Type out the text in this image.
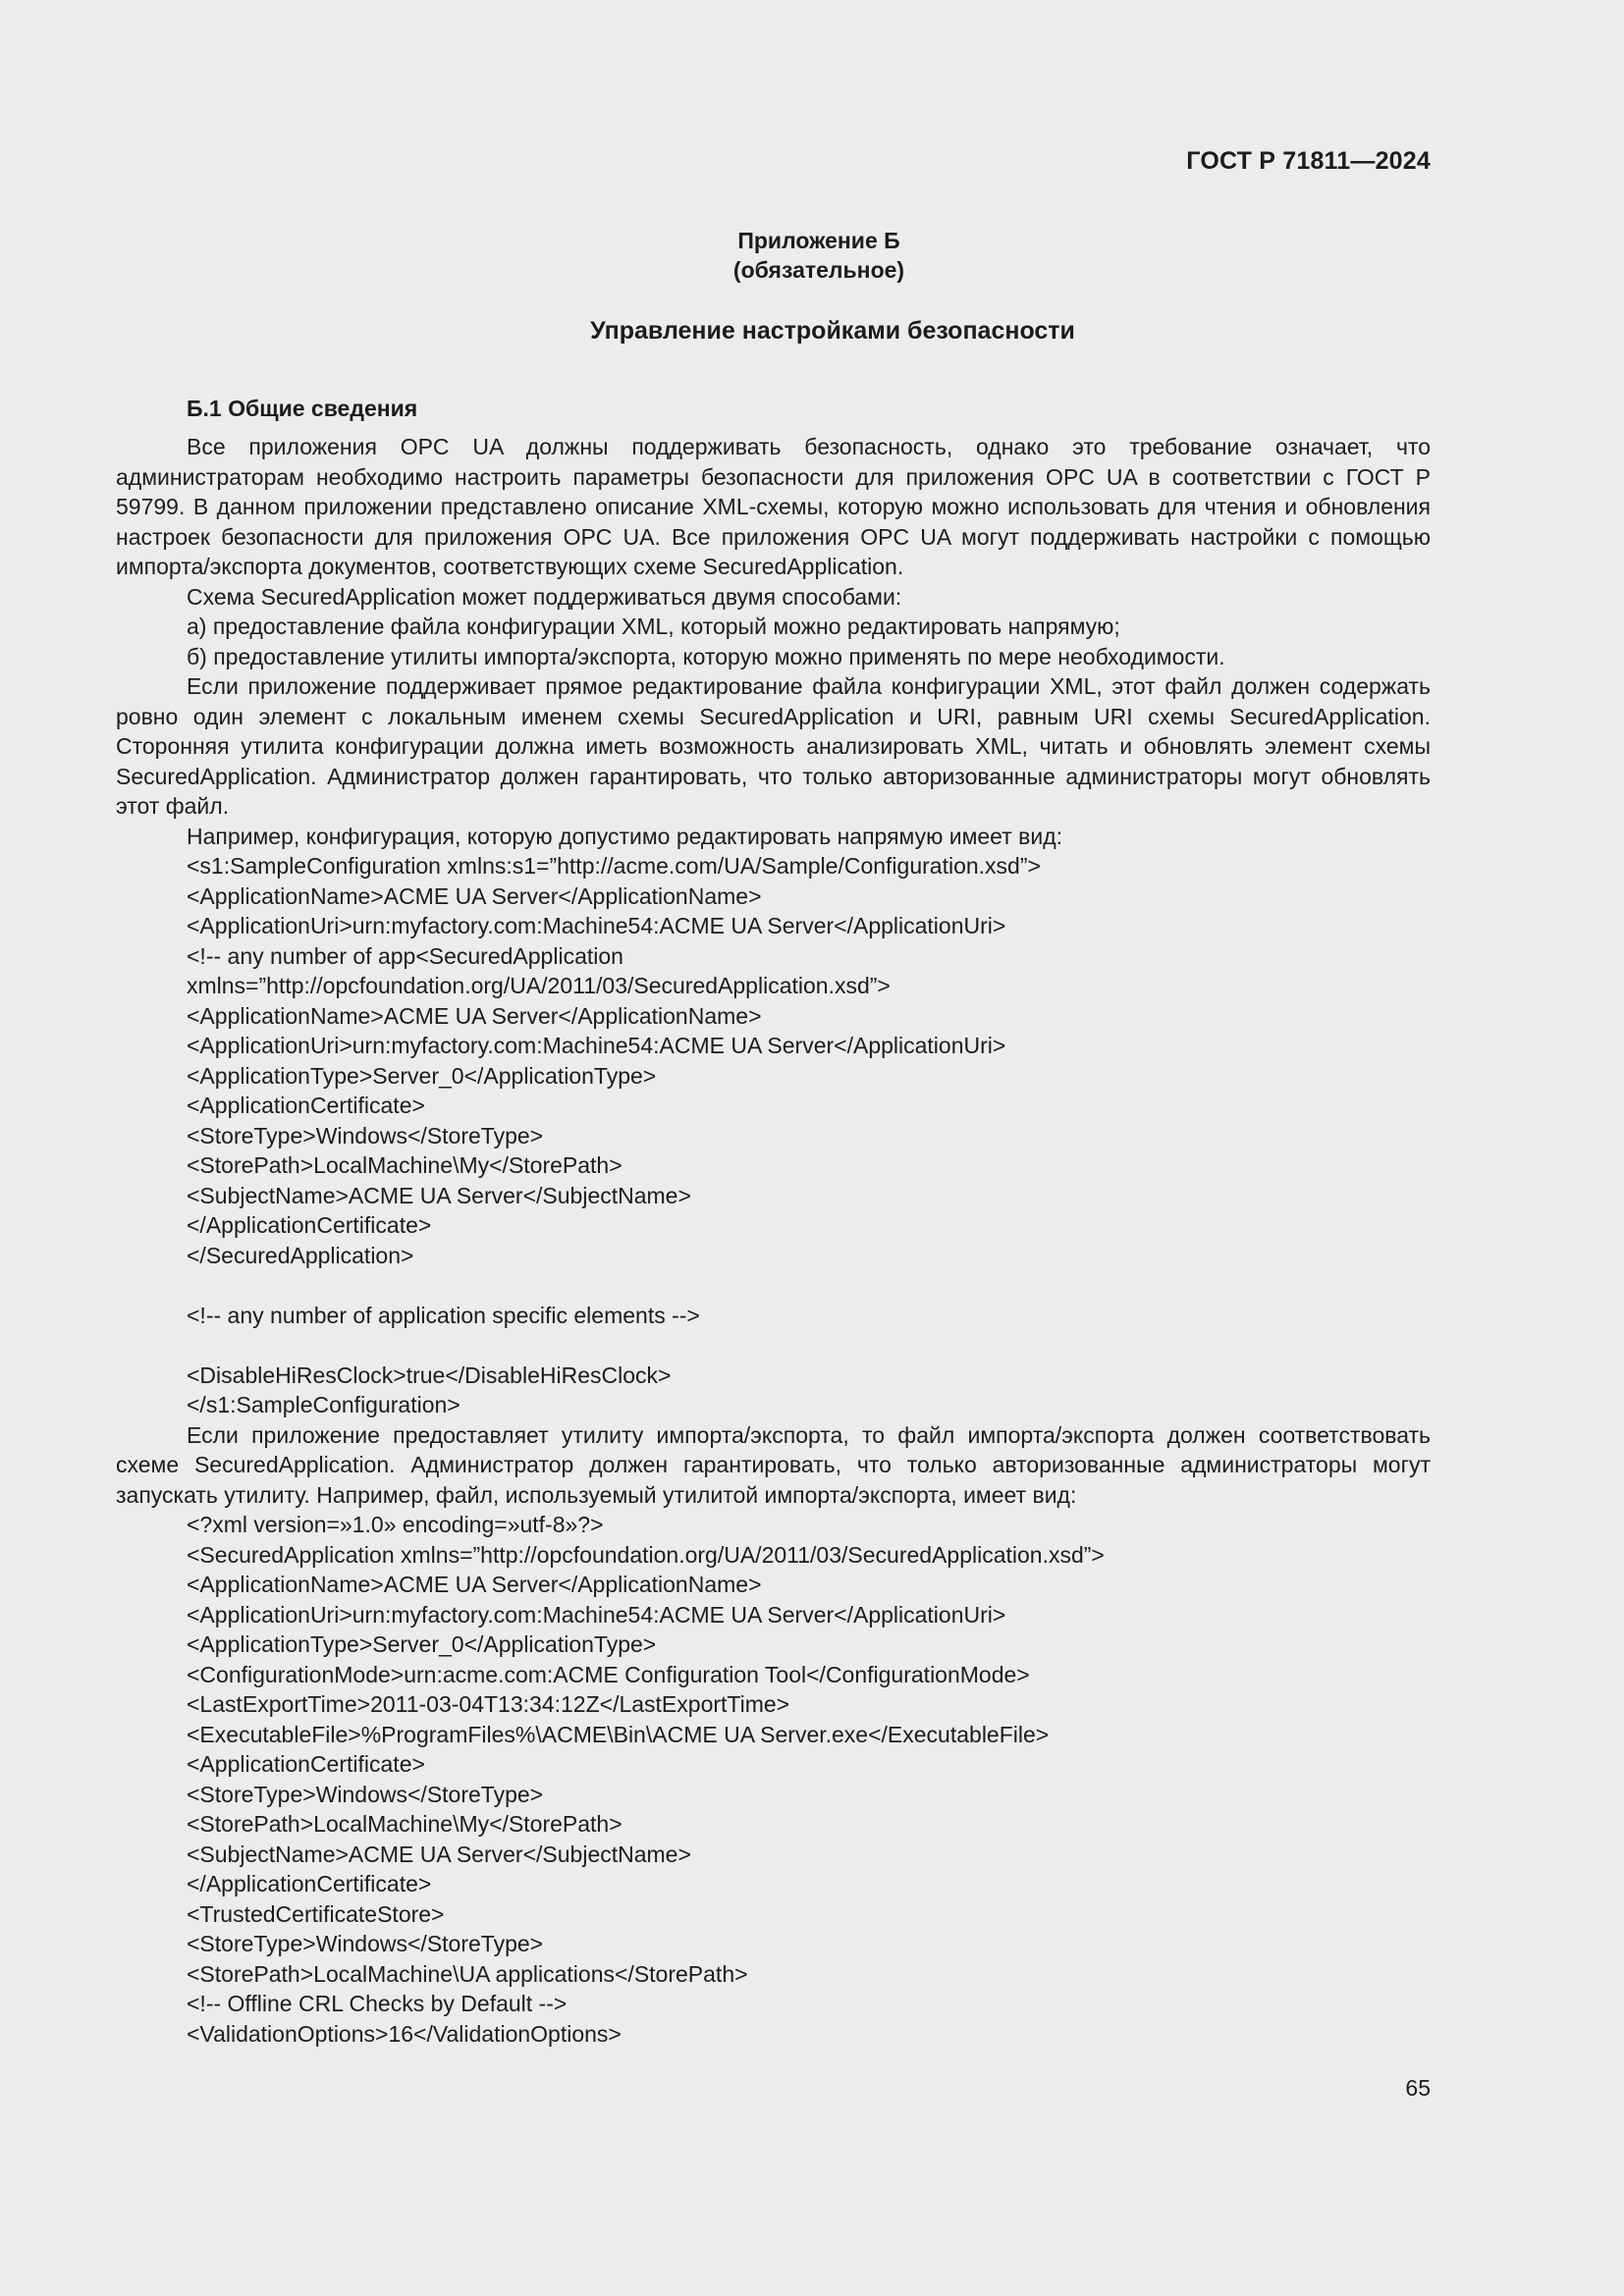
ГОСТ Р 71811—2024
Приложение Б
(обязательное)
Управление настройками безопасности
Б.1 Общие сведения

Все приложения OPC UA должны поддерживать безопасность, однако это требование означает, что администраторам необходимо настроить параметры безопасности для приложения OPC UA в соответствии с ГОСТ Р 59799. В данном приложении представлено описание XML-схемы, которую можно использовать для чтения и обновления настроек безопасности для приложения OPC UA. Все приложения OPC UA могут поддерживать настройки с помощью импорта/экспорта документов, соответствующих схеме SecuredApplication.

Схема SecuredApplication может поддерживаться двумя способами:
а) предоставление файла конфигурации XML, который можно редактировать напрямую;
б) предоставление утилиты импорта/экспорта, которую можно применять по мере необходимости.

Если приложение поддерживает прямое редактирование файла конфигурации XML, этот файл должен содержать ровно один элемент с локальным именем схемы SecuredApplication и URI, равным URI схемы SecuredApplication. Сторонняя утилита конфигурации должна иметь возможность анализировать XML, читать и обновлять элемент схемы SecuredApplication. Администратор должен гарантировать, что только авторизованные администраторы могут обновлять этот файл.

Например, конфигурация, которую допустимо редактировать напрямую имеет вид:
<s1:SampleConfiguration xmlns:s1=”http://acme.com/UA/Sample/Configuration.xsd”>
<ApplicationName>ACME UA Server</ApplicationName>
<ApplicationUri>urn:myfactory.com:Machine54:ACME UA Server</ApplicationUri>
<!-- any number of app<SecuredApplication
xmlns=”http://opcfoundation.org/UA/2011/03/SecuredApplication.xsd”>
<ApplicationName>ACME UA Server</ApplicationName>
<ApplicationUri>urn:myfactory.com:Machine54:ACME UA Server</ApplicationUri>
<ApplicationType>Server_0</ApplicationType>
<ApplicationCertificate>
<StoreType>Windows</StoreType>
<StorePath>LocalMachine\My</StorePath>
<SubjectName>ACME UA Server</SubjectName>
</ApplicationCertificate>
</SecuredApplication>
<!-- any number of application specific elements -->
<DisableHiResClock>true</DisableHiResClock>
</s1:SampleConfiguration>

Если приложение предоставляет утилиту импорта/экспорта, то файл импорта/экспорта должен соответствовать схеме SecuredApplication. Администратор должен гарантировать, что только авторизованные администраторы могут запускать утилиту. Например, файл, используемый утилитой импорта/экспорта, имеет вид:

<?xml version=»1.0» encoding=»utf-8»?>
<SecuredApplication xmlns=”http://opcfoundation.org/UA/2011/03/SecuredApplication.xsd”>
<ApplicationName>ACME UA Server</ApplicationName>
<ApplicationUri>urn:myfactory.com:Machine54:ACME UA Server</ApplicationUri>
<ApplicationType>Server_0</ApplicationType>
<ConfigurationMode>urn:acme.com:ACME Configuration Tool</ConfigurationMode>
<LastExportTime>2011-03-04T13:34:12Z</LastExportTime>
<ExecutableFile>%ProgramFiles%\ACME\Bin\ACME UA Server.exe</ExecutableFile>
<ApplicationCertificate>
<StoreType>Windows</StoreType>
<StorePath>LocalMachine\My</StorePath>
<SubjectName>ACME UA Server</SubjectName>
</ApplicationCertificate>
<TrustedCertificateStore>
<StoreType>Windows</StoreType>
<StorePath>LocalMachine\UA applications</StorePath>
<!-- Offline CRL Checks by Default -->
<ValidationOptions>16</ValidationOptions>
65
